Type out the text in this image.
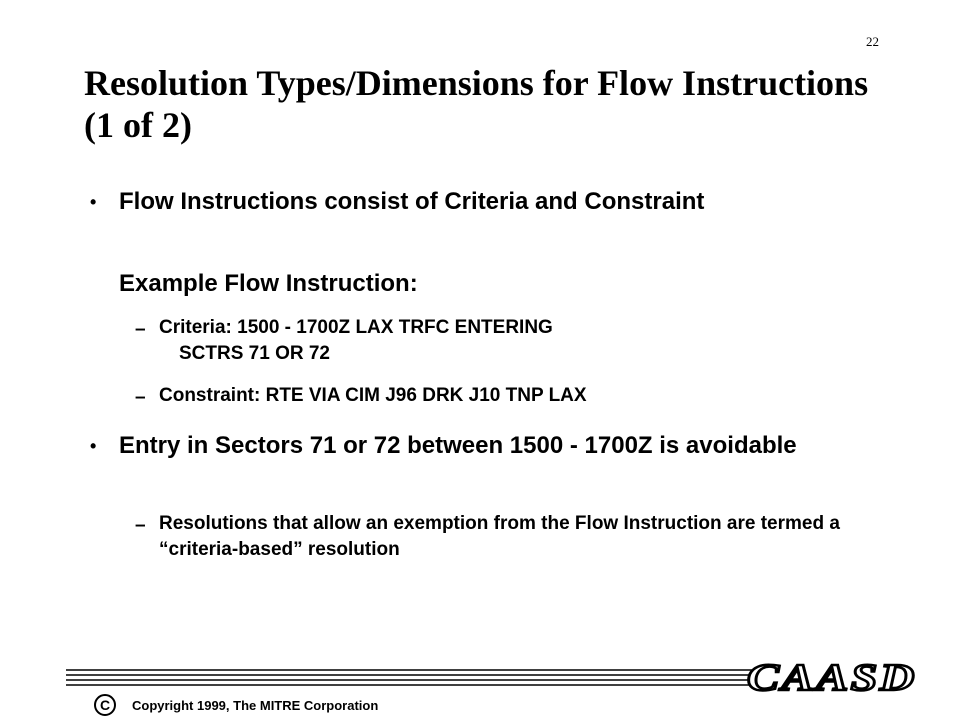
22
Resolution Types/Dimensions for Flow Instructions (1 of 2)
• Flow Instructions consist of Criteria and Constraint
Example Flow Instruction:
– Criteria: 1500 - 1700Z LAX TRFC ENTERING
SCTRS 71 OR 72
– Constraint: RTE VIA CIM J96 DRK J10 TNP LAX
• Entry in Sectors 71 or 72 between 1500 - 1700Z is avoidable
– Resolutions that allow an exemption from the Flow Instruction are termed a “criteria-based” resolution
CAASD
C	Copyright 1999, The MITRE Corporation
